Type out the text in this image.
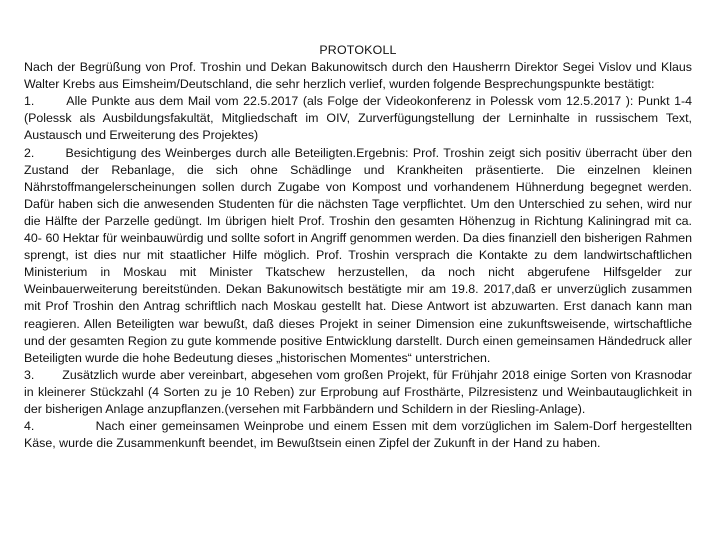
PROTOKOLL

Nach der Begrüßung von Prof. Troshin und Dekan Bakunowitsch durch den Hausherrn Direktor Segei Vislov und Klaus Walter Krebs aus Eimsheim/Deutschland, die sehr herzlich verlief, wurden folgende Besprechungspunkte bestätigt:

1.       Alle Punkte aus dem Mail vom 22.5.2017 (als Folge der Videokonferenz in Polessk vom 12.5.2017 ): Punkt 1-4 (Polessk als Ausbildungsfakultät, Mitgliedschaft im OIV, Zurverfügungstellung der Lerninhalte in russischem Text, Austausch und Erweiterung des Projektes)

2.       Besichtigung des Weinberges durch alle Beteiligten.Ergebnis: Prof. Troshin zeigt sich positiv überracht über den Zustand der Rebanlage, die sich ohne Schädlinge und Krankheiten präsentierte. Die einzelnen kleinen Nährstoffmangelerscheinungen sollen durch Zugabe von Kompost und vorhandenem Hühnerdung begegnet werden. Dafür haben sich die anwesenden Studenten für die nächsten Tage verpflichtet. Um den Unterschied zu sehen, wird nur die Hälfte der Parzelle gedüngt. Im übrigen hielt Prof. Troshin den gesamten Höhenzug in Richtung Kaliningrad mit ca. 40- 60 Hektar für weinbauwürdig und sollte sofort in Angriff genommen werden. Da dies finanziell den bisherigen Rahmen sprengt, ist dies nur mit staatlicher Hilfe möglich. Prof. Troshin versprach die Kontakte zu dem landwirtschaftlichen Ministerium in Moskau mit Minister Tkatschew herzustellen, da noch nicht abgerufene Hilfsgelder zur Weinbauerweiterung bereitstünden. Dekan Bakunowitsch bestätigte mir am 19.8. 2017,daß er unverzüglich zusammen mit Prof Troshin den Antrag schriftlich nach Moskau gestellt hat. Diese Antwort ist abzuwarten. Erst danach kann man reagieren. Allen Beteiligten war bewußt, daß dieses Projekt in seiner Dimension eine zukunftsweisende, wirtschaftliche und der gesamten Region zu gute kommende positive Entwicklung darstellt. Durch einen gemeinsamen Händedruck aller Beteiligten wurde die hohe Bedeutung dieses „historischen Momentes“ unterstrichen.

3.       Zusätzlich wurde aber vereinbart, abgesehen vom großen Projekt, für Frühjahr 2018 einige Sorten von Krasnodar in kleinerer Stückzahl (4 Sorten zu je 10 Reben) zur Erprobung auf Frosthärte, Pilzresistenz und Weinbautauglichkeit in der bisherigen Anlage anzupflanzen.(versehen mit Farbbändern und Schildern in der Riesling-Anlage).

4.             Nach einer gemeinsamen Weinprobe und einem Essen mit dem vorzüglichen im Salem-Dorf hergestellten Käse, wurde die Zusammenkunft beendet, im Bewußtsein einen Zipfel der Zukunft in der Hand zu haben.
